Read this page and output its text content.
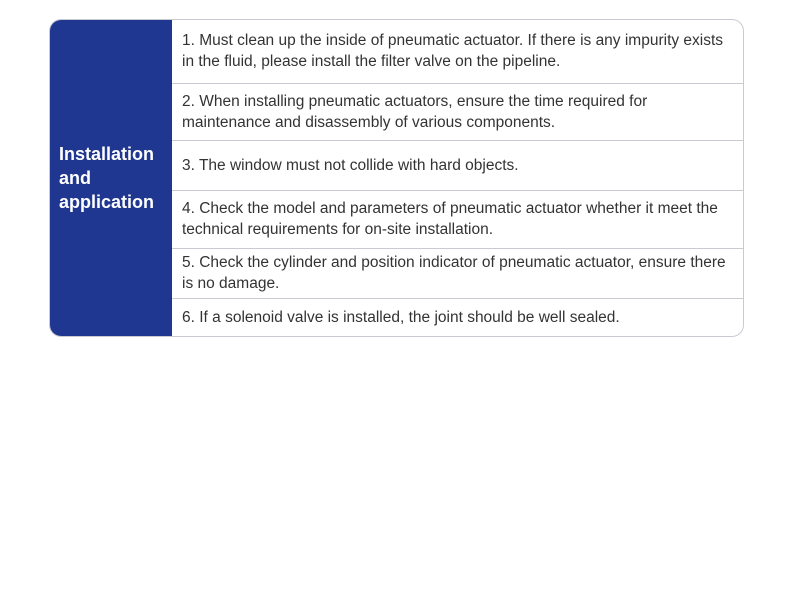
Installation
and
application
1. Must clean up the inside of pneumatic actuator. If there is any impurity exists in the fluid, please install the filter valve on the pipeline.
2. When installing pneumatic actuators, ensure the time required for maintenance and disassembly of various components.
3. The window must not collide with hard objects.
4. Check the model and parameters of pneumatic actuator whether it meet the technical requirements for on-site installation.
5. Check the cylinder and position indicator of pneumatic actuator, ensure there is no damage.
6. If a solenoid valve is installed, the joint should be well sealed.
